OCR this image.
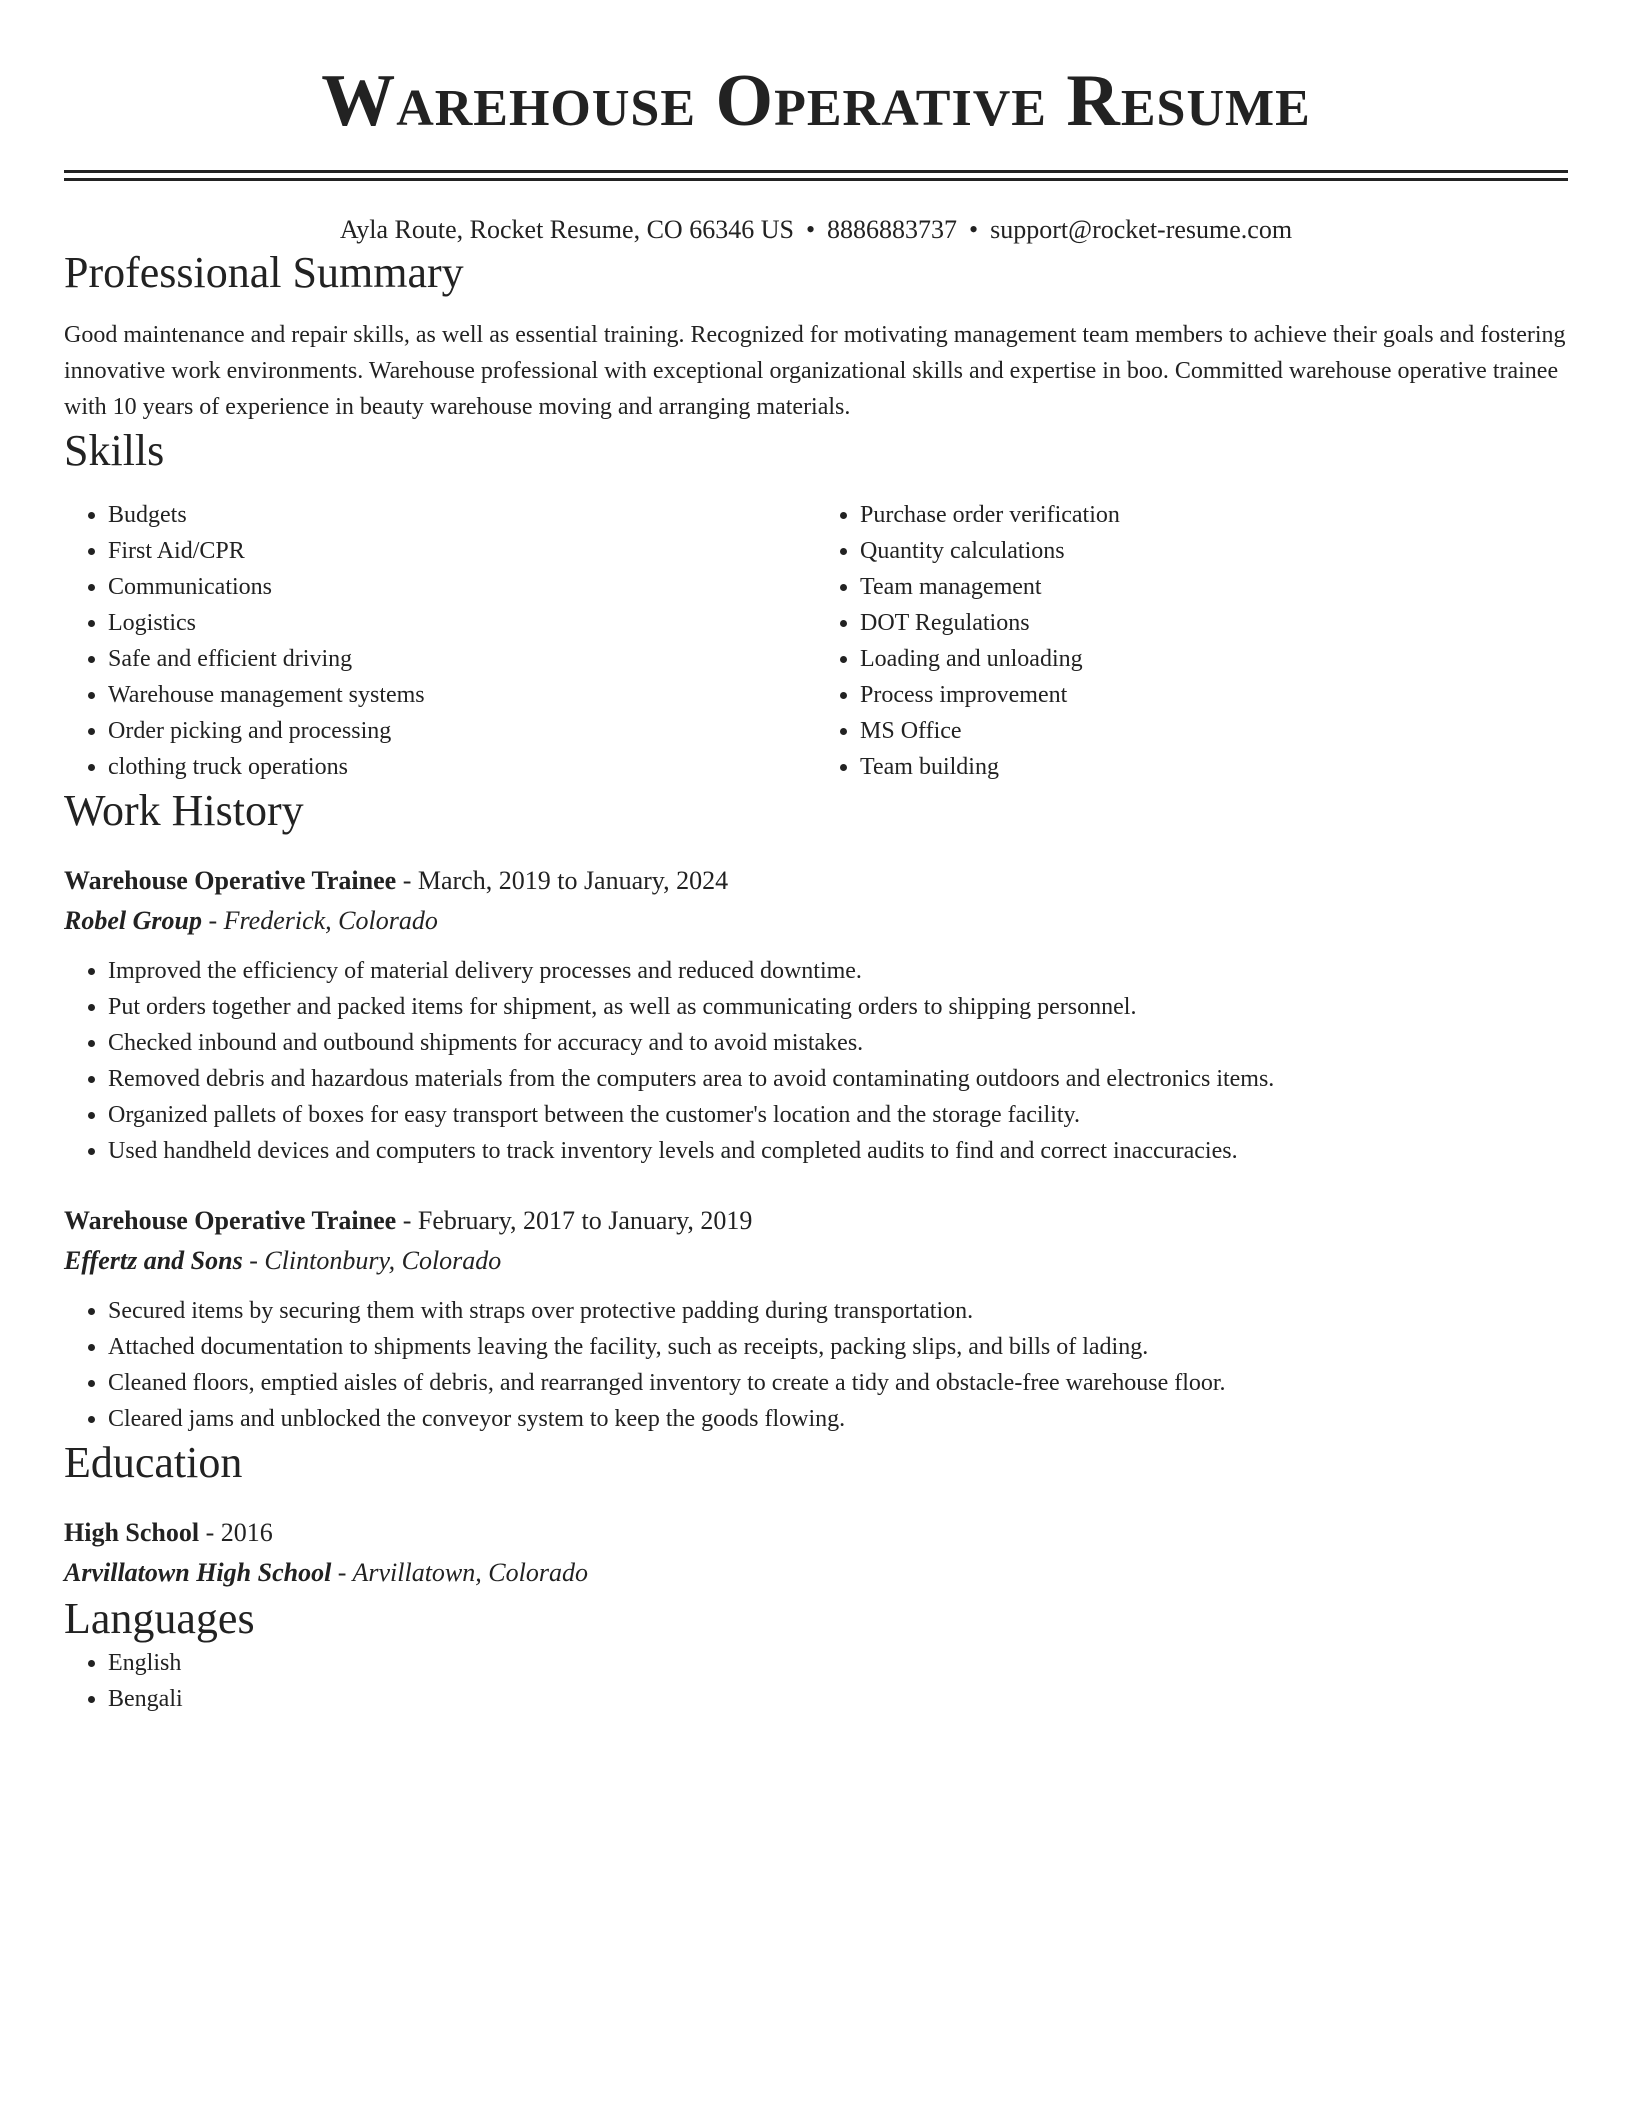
Warehouse Operative Resume
Ayla Route, Rocket Resume, CO 66346 US • 8886883737 • support@rocket-resume.com
Professional Summary
Good maintenance and repair skills, as well as essential training. Recognized for motivating management team members to achieve their goals and fostering innovative work environments. Warehouse professional with exceptional organizational skills and expertise in boo. Committed warehouse operative trainee with 10 years of experience in beauty warehouse moving and arranging materials.
Skills
• Budgets
• First Aid/CPR
• Communications
• Logistics
• Safe and efficient driving
• Warehouse management systems
• Order picking and processing
• clothing truck operations
• Purchase order verification
• Quantity calculations
• Team management
• DOT Regulations
• Loading and unloading
• Process improvement
• MS Office
• Team building
Work History
Warehouse Operative Trainee - March, 2019 to January, 2024
Robel Group - Frederick, Colorado
• Improved the efficiency of material delivery processes and reduced downtime.
• Put orders together and packed items for shipment, as well as communicating orders to shipping personnel.
• Checked inbound and outbound shipments for accuracy and to avoid mistakes.
• Removed debris and hazardous materials from the computers area to avoid contaminating outdoors and electronics items.
• Organized pallets of boxes for easy transport between the customer's location and the storage facility.
• Used handheld devices and computers to track inventory levels and completed audits to find and correct inaccuracies.
Warehouse Operative Trainee - February, 2017 to January, 2019
Effertz and Sons - Clintonbury, Colorado
• Secured items by securing them with straps over protective padding during transportation.
• Attached documentation to shipments leaving the facility, such as receipts, packing slips, and bills of lading.
• Cleaned floors, emptied aisles of debris, and rearranged inventory to create a tidy and obstacle-free warehouse floor.
• Cleared jams and unblocked the conveyor system to keep the goods flowing.
Education
High School - 2016
Arvillatown High School - Arvillatown, Colorado
Languages
• English
• Bengali
